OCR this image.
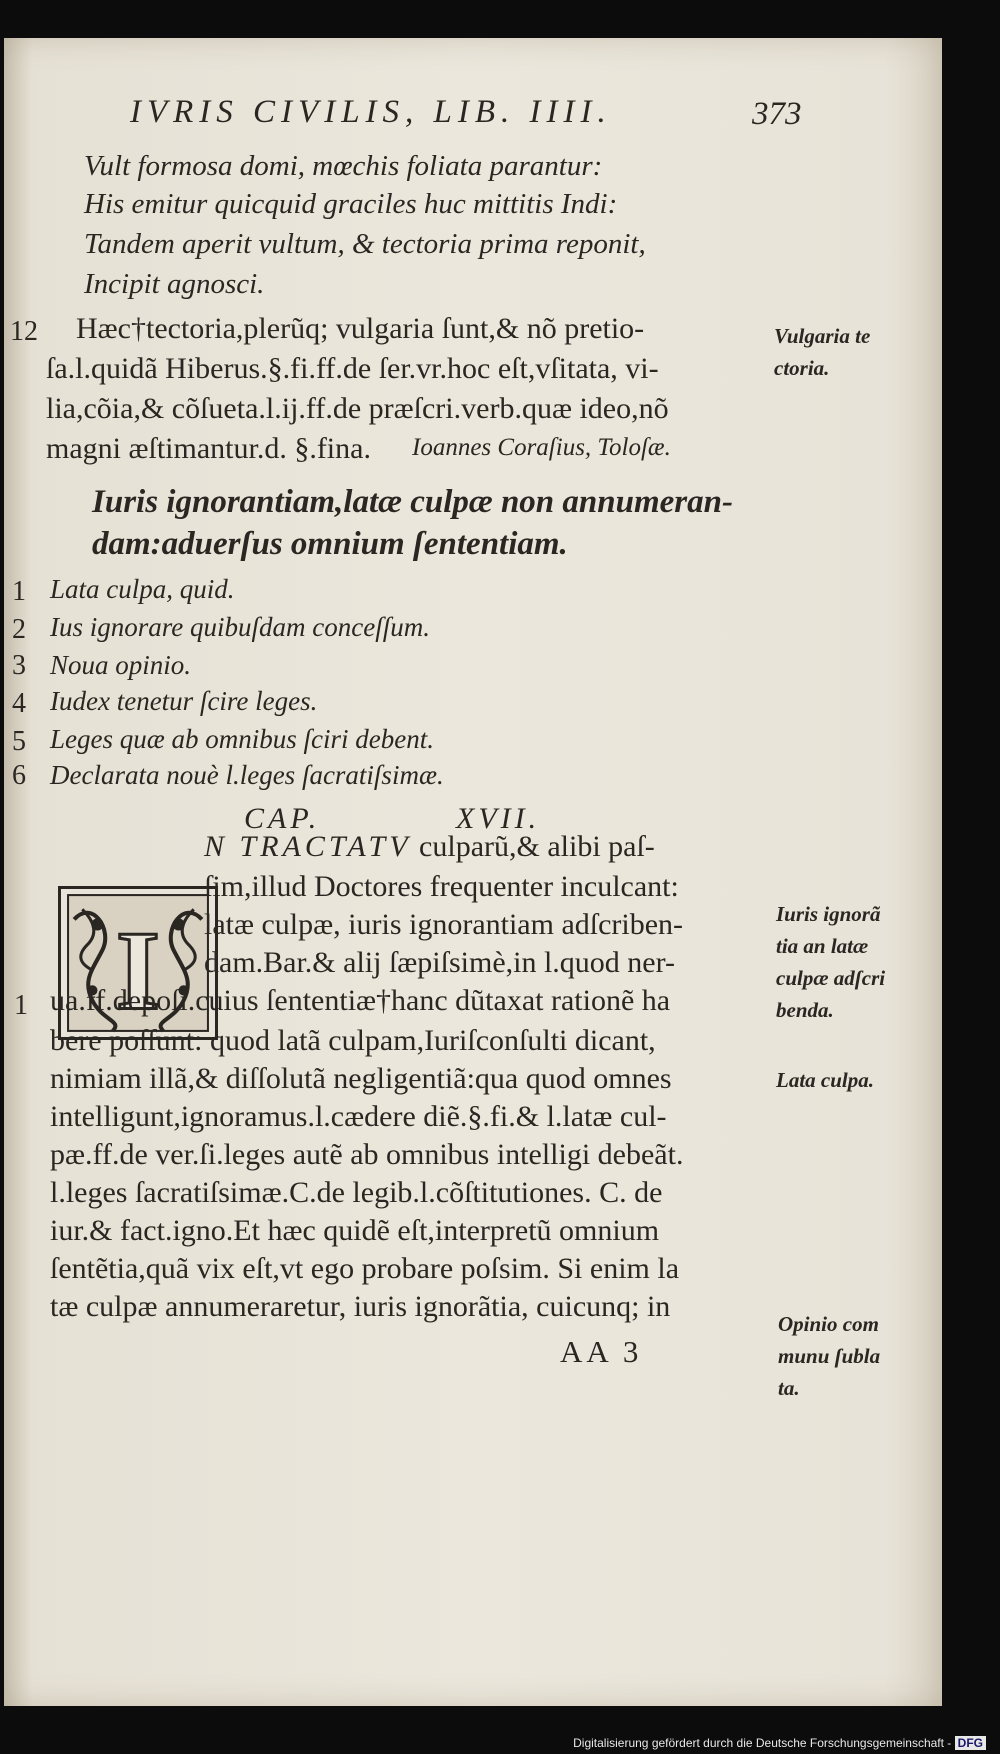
IVRIS CIVILIS, LIB. IIII.	373
Vult formosa domi, mœchis foliata parantur:
His emitur quicquid graciles huc mittitis Indi:
Tandem aperit vultum, & tectoria prima reponit,
Incipit agnosci.
12 Hæc†tectoria,plerũq; vulgaria ſunt,& nõ pretio-
ſa.l.quidã Hiberus.§.fi.ff.de ſer.vr.hoc eſt,vſitata, vi-
lia,cõia,& cõſueta.l.ij.ff.de præſcri.verb.quæ ideo,nõ
magni æſtimantur.d. §.fina. Ioannes Coraſius, Toloſæ.
Vulgaria te ctoria.
Iuris ignorantiam,latæ culpæ non annumeran-
dam:aduerſus omnium ſententiam.
1 Lata culpa, quid.
2 Ius ignorare quibuſdam conceſſum.
3 Noua opinio.
4 Iudex tenetur ſcire leges.
5 Leges quæ ab omnibus ſciri debent.
6 Declarata nouè l.leges ſacratiſsimæ.
CAP.	XVII.
I
N TRACTATV culparũ,& alibi paſ-
ſim,illud Doctores frequenter inculcant:
latæ culpæ, iuris ignorantiam adſcriben-
dam.Bar.& alij ſæpiſsimè,in l.quod ner-
1 ua.ff.depoſi.cuius ſententiæ†hanc dũtaxat rationẽ ha
bere poſſunt: quod latã culpam,Iuriſconſulti dicant,
nimiam illã,& diſſolutã negligentiã:qua quod omnes
intelligunt,ignoramus.l.cædere diẽ.§.fi.& l.latæ cul-
pæ.ff.de ver.ſi.leges autẽ ab omnibus intelligi debeãt.
l.leges ſacratiſsimæ.C.de legib.l.cõſtitutiones. C. de
iur.& fact.igno.Et hæc quidẽ eſt,interpretũ omnium
ſentẽtia,quã vix eſt,vt ego probare poſsim. Si enim la
tæ culpæ annumeraretur, iuris ignorãtia, cuicunq; in
Iuris ignorã tia an latæ culpæ adſcri benda.
Lata culpa.
Opinio com munu ſubla ta.
AA 3
Digitalisierung gefördert durch die Deutsche Forschungsgemeinschaft - DFG
